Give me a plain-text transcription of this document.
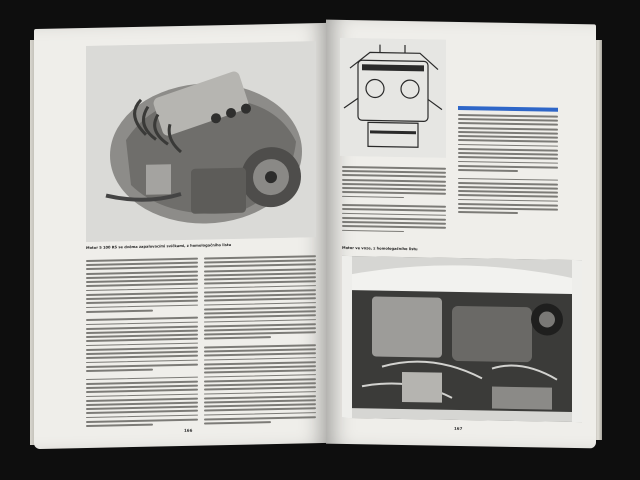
Motor 5 100 RS se dvěma zapalovacími svíčkami, z homologačního listu
166
Motor ve voze, z homologačního listu
167
